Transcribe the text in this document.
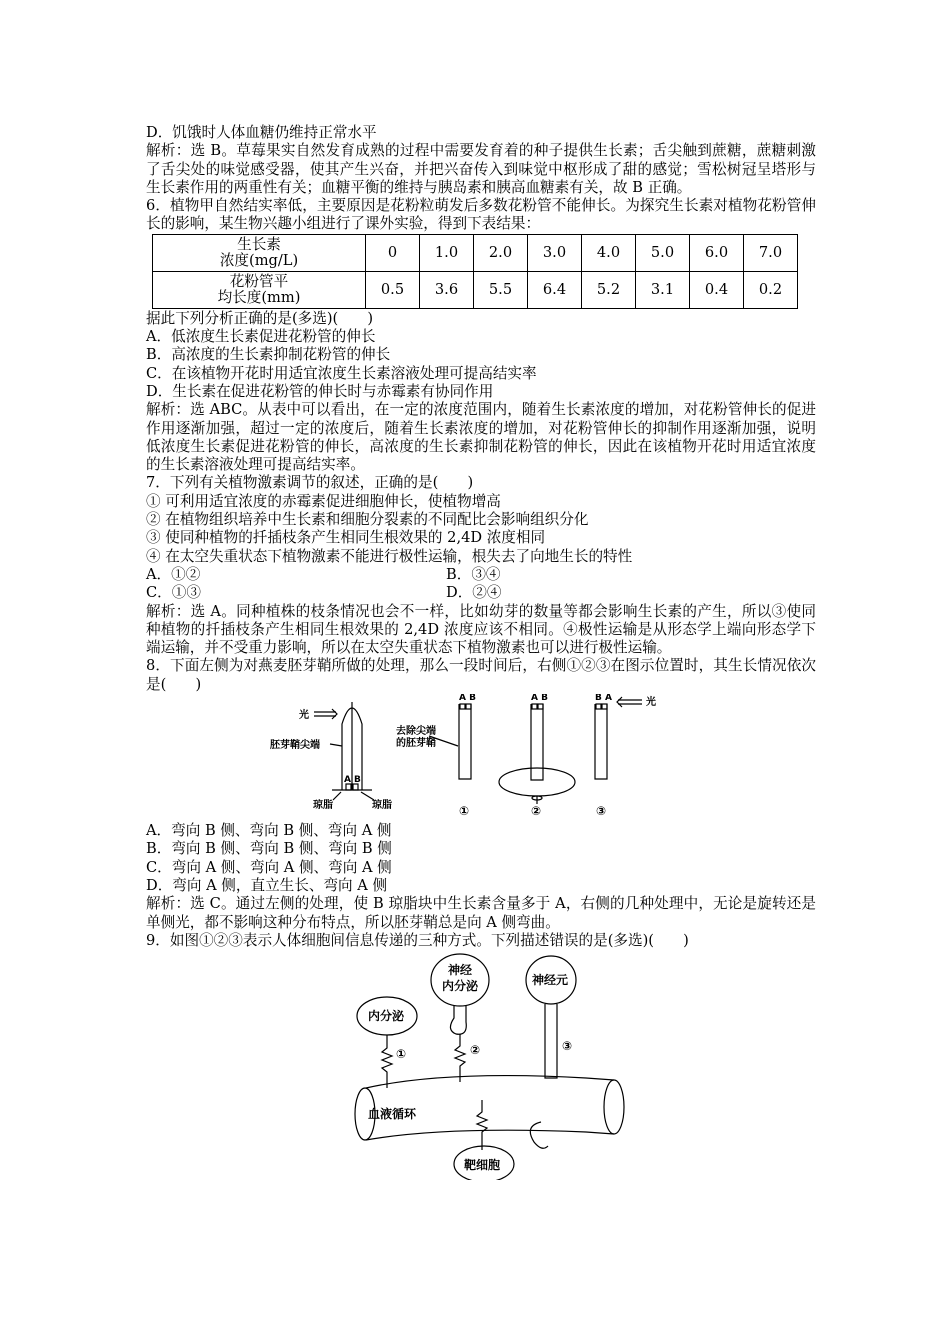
D．饥饿时人体血糖仍维持正常水平

解析：选 B。草莓果实自然发育成熟的过程中需要发育着的种子提供生长素；舌尖触到蔗糖，蔗糖刺激了舌尖处的味觉感受器，使其产生兴奋，并把兴奋传入到味觉中枢形成了甜的感觉；雪松树冠呈塔形与生长素作用的两重性有关；血糖平衡的维持与胰岛素和胰高血糖素有关，故 B 正确。

6．植物甲自然结实率低，主要原因是花粉粒萌发后多数花粉管不能伸长。为探究生长素对植物花粉管伸长的影响，某生物兴趣小组进行了课外实验，得到下表结果：

生长素
浓度(mg/L)	0	1.0	2.0	3.0	4.0	5.0	6.0	7.0
花粉管平
均长度(mm)	0.5	3.6	5.5	6.4	5.2	3.1	0.4	0.2

据此下列分析正确的是(多选)(　　)

A．低浓度生长素促进花粉管的伸长

B．高浓度的生长素抑制花粉管的伸长

C．在该植物开花时用适宜浓度生长素溶液处理可提高结实率

D．生长素在促进花粉管的伸长时与赤霉素有协同作用

解析：选 ABC。从表中可以看出，在一定的浓度范围内，随着生长素浓度的增加，对花粉管伸长的促进作用逐渐加强，超过一定的浓度后，随着生长素浓度的增加，对花粉管伸长的抑制作用逐渐加强，说明低浓度生长素促进花粉管的伸长，高浓度的生长素抑制花粉管的伸长，因此在该植物开花时用适宜浓度的生长素溶液处理可提高结实率。

7．下列有关植物激素调节的叙述，正确的是(　　)

① 可利用适宜浓度的赤霉素促进细胞伸长，使植物增高

② 在植物组织培养中生长素和细胞分裂素的不同配比会影响组织分化

③ 使同种植物的扦插枝条产生相同生根效果的 2,4D 浓度相同

④ 在太空失重状态下植物激素不能进行极性运输，根失去了向地生长的特性

A．①②	B．③④

C．①③	D．②④

解析：选 A。同种植株的枝条情况也会不一样，比如幼芽的数量等都会影响生长素的产生，所以③使同种植物的扦插枝条产生相同生根效果的 2,4D 浓度应该不相同。④极性运输是从形态学上端向形态学下端运输，并不受重力影响，所以在太空失重状态下植物激素也可以进行极性运输。

8．下面左侧为对燕麦胚芽鞘所做的处理，那么一段时间后，右侧①②③在图示位置时，其生长情况依次是(　　)

光
胚芽鞘尖端
A B
琼脂	琼脂
去除尖端
的胚芽鞘
A B	A B	B A	光
①	②	③

A．弯向 B 侧、弯向 B 侧、弯向 A 侧

B．弯向 B 侧、弯向 B 侧、弯向 B 侧

C．弯向 A 侧、弯向 A 侧、弯向 A 侧

D．弯向 A 侧，直立生长、弯向 A 侧

解析：选 C。通过左侧的处理，使 B 琼脂块中生长素含量多于 A，右侧的几种处理中，无论是旋转还是单侧光，都不影响这种分布特点，所以胚芽鞘总是向 A 侧弯曲。

9．如图①②③表示人体细胞间信息传递的三种方式。下列描述错误的是(多选)(　　)

内分泌
神经
内分泌	神经元
血液循环
靶细胞
①	②	③
